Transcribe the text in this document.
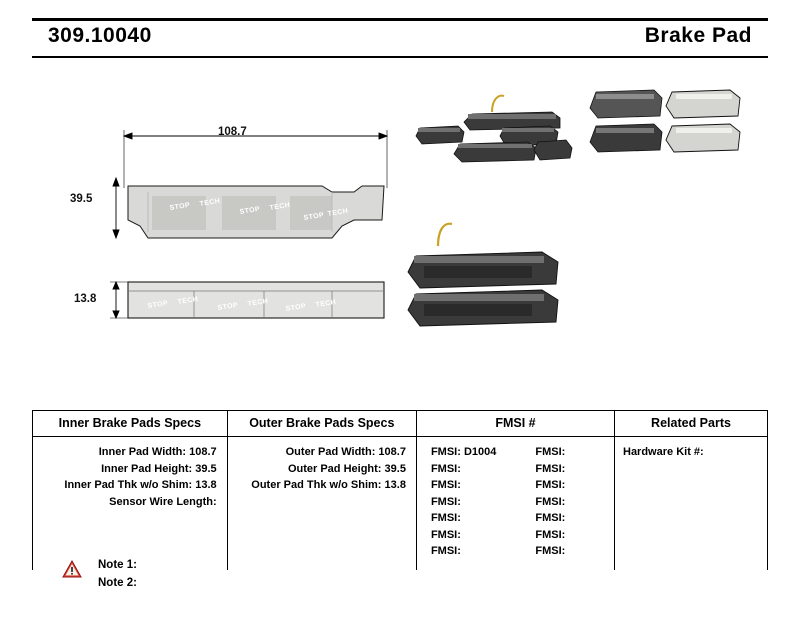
309.10040	Brake Pad
108.7
39.5
13.8
STOP TECH
STOP TECH
STOP TECH
STOP TECH
STOP TECH STOP TECH
Inner Brake Pads Specs	Outer Brake Pads Specs	FMSI #	Related Parts

Inner Pad Width: 108.7
Inner Pad Height: 39.5
Inner Pad Thk w/o Shim: 13.8
Sensor Wire Length:

Outer Pad Width: 108.7
Outer Pad Height: 39.5
Outer Pad Thk w/o Shim: 13.8

FMSI: D1004	FMSI:
FMSI:	FMSI:
FMSI:	FMSI:
FMSI:	FMSI:
FMSI:	FMSI:
FMSI:	FMSI:
FMSI:	FMSI:

Hardware Kit #:
Note 1:
Note 2:
